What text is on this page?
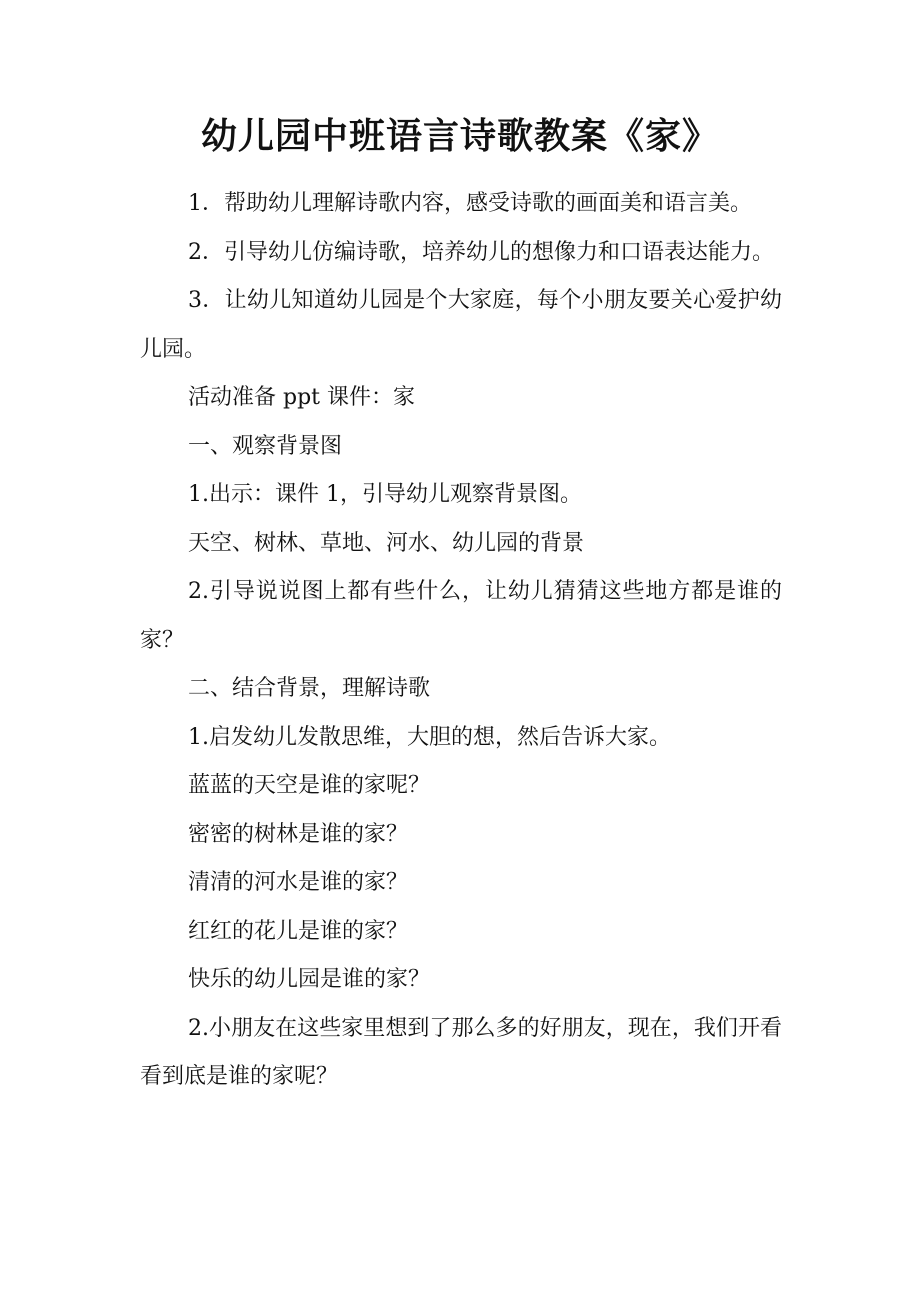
幼儿园中班语言诗歌教案《家》

1．帮助幼儿理解诗歌内容，感受诗歌的画面美和语言美。

2．引导幼儿仿编诗歌，培养幼儿的想像力和口语表达能力。

3．让幼儿知道幼儿园是个大家庭，每个小朋友要关心爱护幼儿园。

活动准备 ppt 课件：家

一、观察背景图

1.出示：课件 1，引导幼儿观察背景图。

天空、树林、草地、河水、幼儿园的背景

2.引导说说图上都有些什么，让幼儿猜猜这些地方都是谁的家？

二、结合背景，理解诗歌

1.启发幼儿发散思维，大胆的想，然后告诉大家。

蓝蓝的天空是谁的家呢？

密密的树林是谁的家？

清清的河水是谁的家？

红红的花儿是谁的家？

快乐的幼儿园是谁的家？

2.小朋友在这些家里想到了那么多的好朋友，现在，我们开看看到底是谁的家呢？
